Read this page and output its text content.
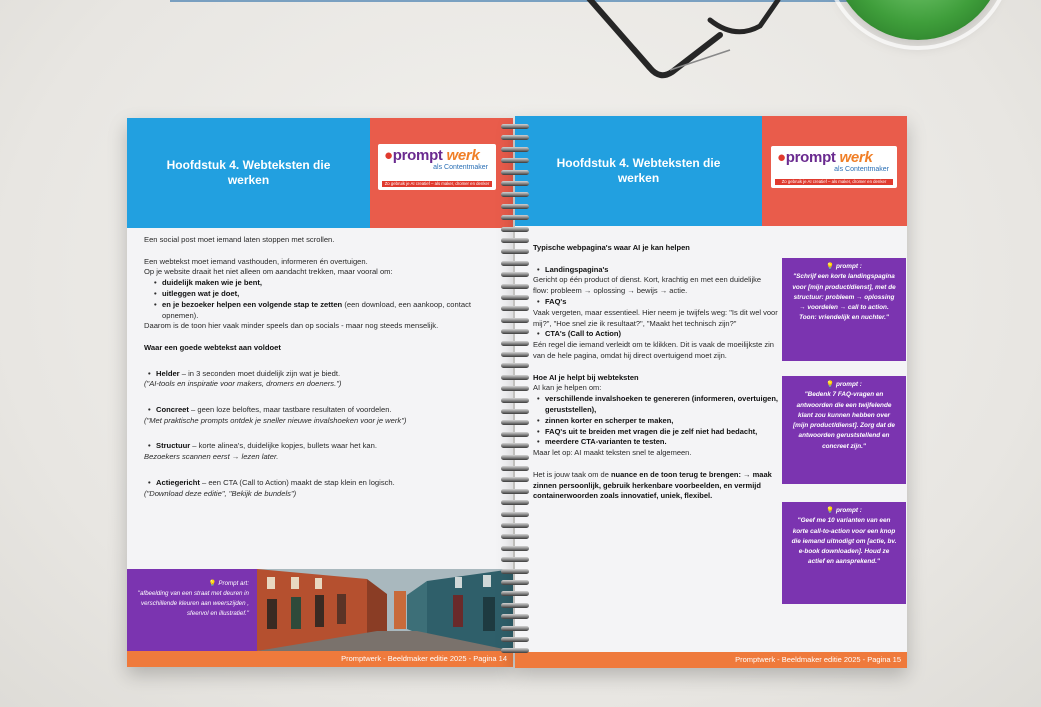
Hoofdstuk 4. Webteksten die werken
●prompt werk
als Contentmaker
Zo gebruik je AI creatief – als maker, dromer en denker

Een social post moet iemand laten stoppen met scrollen.

Een webtekst moet iemand vasthouden, informeren én overtuigen.

Op je website draait het niet alleen om aandacht trekken, maar vooral om:

• duidelijk maken wie je bent,
• uitleggen wat je doet,
• en je bezoeker helpen een volgende stap te zetten (een download, een aankoop, contact opnemen).

Daarom is de toon hier vaak minder speels dan op socials - maar nog steeds menselijk.

Waar een goede webtekst aan voldoet

• Helder – in 3 seconden moet duidelijk zijn wat je biedt.

("AI-tools en inspiratie voor makers, dromers en doeners.")

• Concreet – geen loze beloftes, maar tastbare resultaten of voordelen.

("Met praktische prompts ontdek je sneller nieuwe invalshoeken voor je werk")

• Structuur – korte alinea's, duidelijke kopjes, bullets waar het kan.

Bezoekers scannen eerst → lezen later.

• Actiegericht – een CTA (Call to Action) maakt de stap klein en logisch.

("Download deze editie", "Bekijk de bundels")

💡 Prompt art:
"afbeelding van een straat met deuren in verschillende kleuren aan weerszijden , sfeervol en illustratief."
Promptwerk - Beeldmaker editie 2025 - Pagina 14
Hoofdstuk 4. Webteksten die werken
●prompt werk
als Contentmaker
Zo gebruik je AI creatief – als maker, dromer en denker

Typische webpagina's waar AI je kan helpen

• Landingspagina's

Gericht op één product of dienst. Kort, krachtig en met een duidelijke flow: probleem → oplossing → bewijs → actie.

• FAQ's

Vaak vergeten, maar essentieel. Hier neem je twijfels weg: "Is dit wel voor mij?", "Hoe snel zie ik resultaat?", "Maakt het technisch zijn?"

• CTA's (Call to Action)

Eén regel die iemand verleidt om te klikken. Dit is vaak de moeilijkste zin van de hele pagina, omdat hij direct overtuigend moet zijn.

Hoe AI je helpt bij webteksten

AI kan je helpen om:

• verschillende invalshoeken te genereren (informeren, overtuigen, geruststellen),
• zinnen korter en scherper te maken,
• FAQ's uit te breiden met vragen die je zelf niet had bedacht,
• meerdere CTA-varianten te testen.

Maar let op: AI maakt teksten snel te algemeen.

Het is jouw taak om de nuance en de toon terug te brengen: → maak zinnen persoonlijk, gebruik herkenbare voorbeelden, en vermijd containerwoorden zoals innovatief, uniek, flexibel.

💡 prompt :
"Schrijf een korte landingspagina voor [mijn product/dienst], met de structuur: probleem → oplossing → voordelen → call to action. Toon: vriendelijk en nuchter."
💡 prompt :
"Bedenk 7 FAQ-vragen en antwoorden die een twijfelende klant zou kunnen hebben over [mijn product/dienst]. Zorg dat de antwoorden geruststellend en concreet zijn."
💡 prompt :
"Geef me 10 varianten van een korte call-to-action voor een knop die iemand uitnodigt om [actie, bv. e-book downloaden]. Houd ze actief en aansprekend."
Promptwerk - Beeldmaker editie 2025 - Pagina 15
